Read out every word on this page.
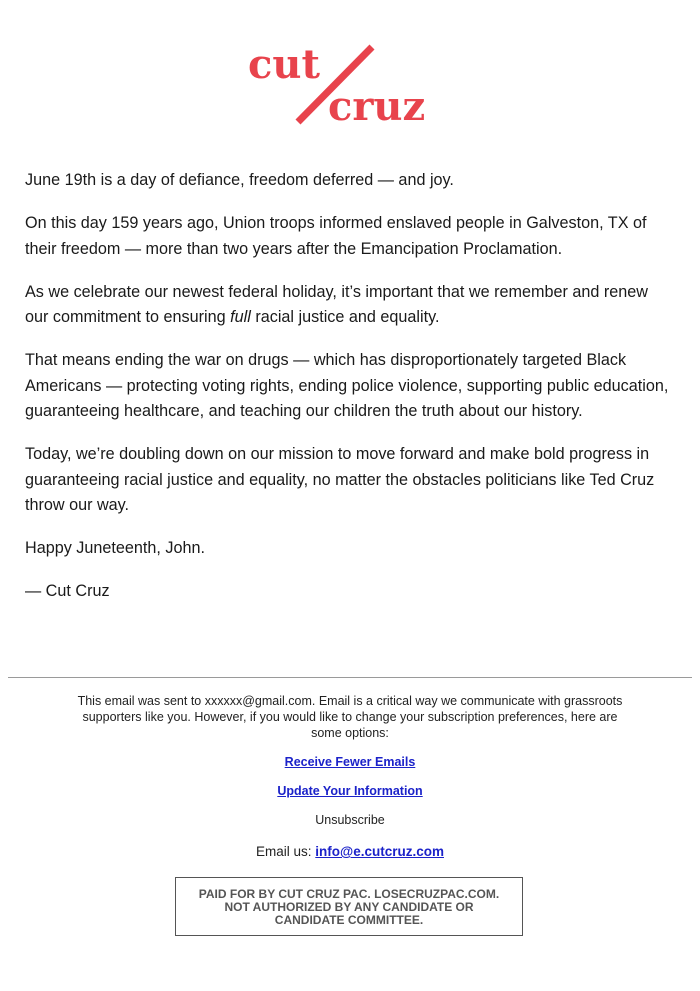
cut
cruz

June 19th is a day of defiance, freedom deferred — and joy.

On this day 159 years ago, Union troops informed enslaved people in Galveston, TX of their freedom — more than two years after the Emancipation Proclamation.

As we celebrate our newest federal holiday, it’s important that we remember and renew our commitment to ensuring full racial justice and equality.

That means ending the war on drugs — which has disproportionately targeted Black Americans — protecting voting rights, ending police violence, supporting public education, guaranteeing healthcare, and teaching our children the truth about our history.

Today, we’re doubling down on our mission to move forward and make bold progress in guaranteeing racial justice and equality, no matter the obstacles politicians like Ted Cruz throw our way.

Happy Juneteenth, John.

— Cut Cruz

This email was sent to xxxxxx@gmail.com. Email is a critical way we communicate with grassroots supporters like you. However, if you would like to change your subscription preferences, here are some options:
Receive Fewer Emails
Update Your Information
Unsubscribe
Email us: info@e.cutcruz.com
PAID FOR BY CUT CRUZ PAC. LOSECRUZPAC.COM.
NOT AUTHORIZED BY ANY CANDIDATE OR
CANDIDATE COMMITTEE.
